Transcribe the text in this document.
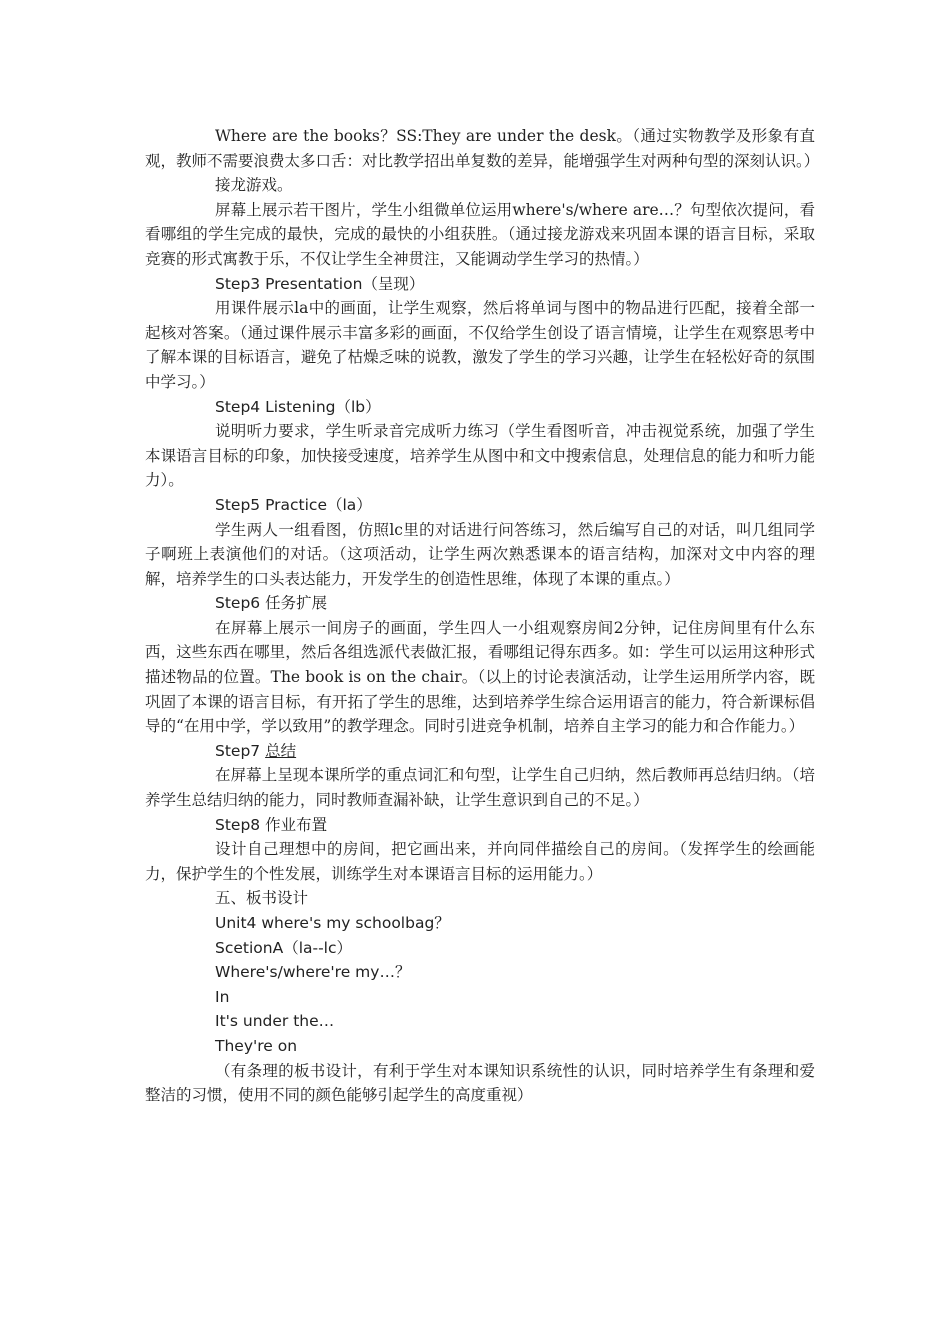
Where are the books？SS:They are under the desk。（通过实物教学及形象有直观，教师不需要浪费太多口舌：对比教学招出单复数的差异，能增强学生对两种句型的深刻认识。）

接龙游戏。

屏幕上展示若干图片，学生小组微单位运用where's/where are…？句型依次提问，看看哪组的学生完成的最快，完成的最快的小组获胜。（通过接龙游戏来巩固本课的语言目标，采取竞赛的形式寓教于乐，不仅让学生全神贯注，又能调动学生学习的热情。）

Step3 Presentation（呈现）

用课件展示la中的画面，让学生观察，然后将单词与图中的物品进行匹配，接着全部一起核对答案。（通过课件展示丰富多彩的画面，不仅给学生创设了语言情境，让学生在观察思考中了解本课的目标语言，避免了枯燥乏味的说教，激发了学生的学习兴趣，让学生在轻松好奇的氛围中学习。）

Step4 Listening（lb）

说明听力要求，学生听录音完成听力练习（学生看图听音，冲击视觉系统，加强了学生本课语言目标的印象，加快接受速度，培养学生从图中和文中搜索信息，处理信息的能力和听力能力）。

Step5 Practice（la）

学生两人一组看图，仿照lc里的对话进行问答练习，然后编写自己的对话，叫几组同学子啊班上表演他们的对话。（这项活动，让学生两次熟悉课本的语言结构，加深对文中内容的理解，培养学生的口头表达能力，开发学生的创造性思维，体现了本课的重点。）

Step6 任务扩展

在屏幕上展示一间房子的画面，学生四人一小组观察房间2分钟，记住房间里有什么东西，这些东西在哪里，然后各组选派代表做汇报，看哪组记得东西多。如：学生可以运用这种形式描述物品的位置。The book is on the chair。（以上的讨论表演活动，让学生运用所学内容，既巩固了本课的语言目标，有开拓了学生的思维，达到培养学生综合运用语言的能力，符合新课标倡导的“在用中学，学以致用”的教学理念。同时引进竞争机制，培养自主学习的能力和合作能力。）

Step7 总结

在屏幕上呈现本课所学的重点词汇和句型，让学生自己归纳，然后教师再总结归纳。（培养学生总结归纳的能力，同时教师查漏补缺，让学生意识到自己的不足。）

Step8 作业布置

设计自己理想中的房间，把它画出来，并向同伴描绘自己的房间。（发挥学生的绘画能力，保护学生的个性发展，训练学生对本课语言目标的运用能力。）

五、板书设计

Unit4 where's my schoolbag？

ScetionA（la--lc）

Where's/where're my…？

In

It's under the…

They're on

（有条理的板书设计，有利于学生对本课知识系统性的认识，同时培养学生有条理和爱整洁的习惯，使用不同的颜色能够引起学生的高度重视）
